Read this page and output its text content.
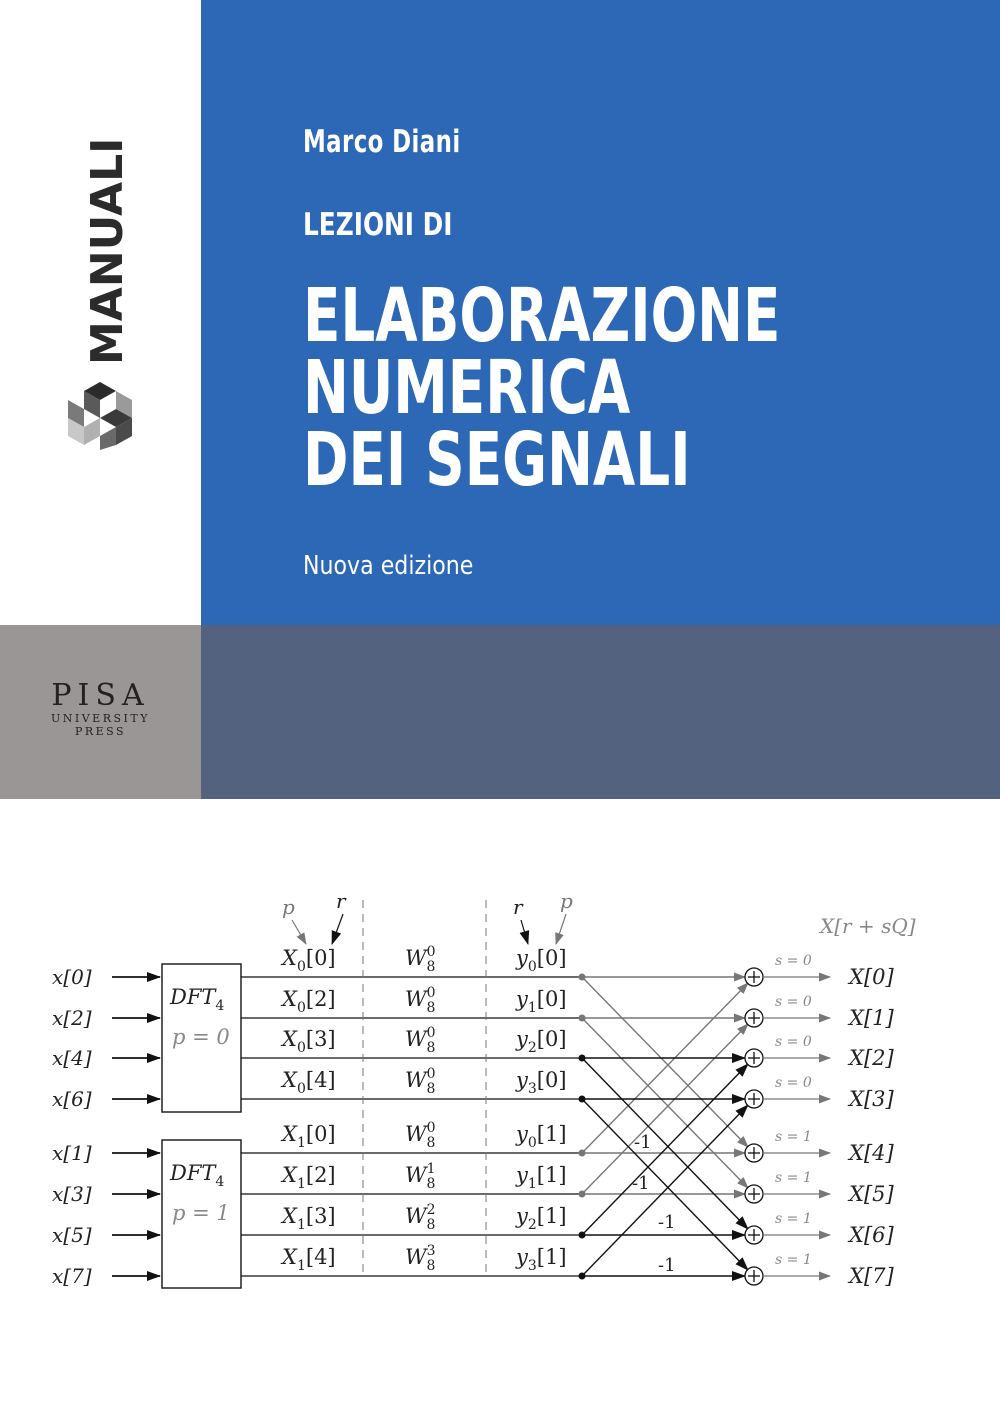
Marco Diani
LEZIONI DI
ELABORAZIONE
NUMERICA
DEI SEGNALI
Nuova edizione
MANUALI
PISA
UNIVERSITY
PRESS
$DFT_4$
p = 0
$DFT_4$
p = 1
x[0]
x[2]
x[4]
x[6]
x[1]
x[3]
x[5]
x[7]
$X_0[0]$
$X_0[2]$
$X_0[3]$
$X_0[4]$
$X_1[0]$
$X_1[2]$
$X_1[3]$
$X_1[4]$
$W^0$ 8
$W^0$ 8
$W^0$ 8
$W^0$ 8
$W^0$ 8
$W^1$ 8
$W^2$ 8
$W^3$ 8
$y_0[0]$
$y_1[0]$
$y_2[0]$
$y_3[0]$
$y_0[1]$
$y_1[1]$
$y_2[1]$
$y_3[1]$
p r	r p
-1
-1
-1
-1
s = 0
X[0]
s = 0
X[1]
s = 0
X[2]
s = 0
X[3]
s = 1
X[4]
s = 1
X[5]
s = 1
X[6]
s = 1
X[7]
X[r + sQ]
